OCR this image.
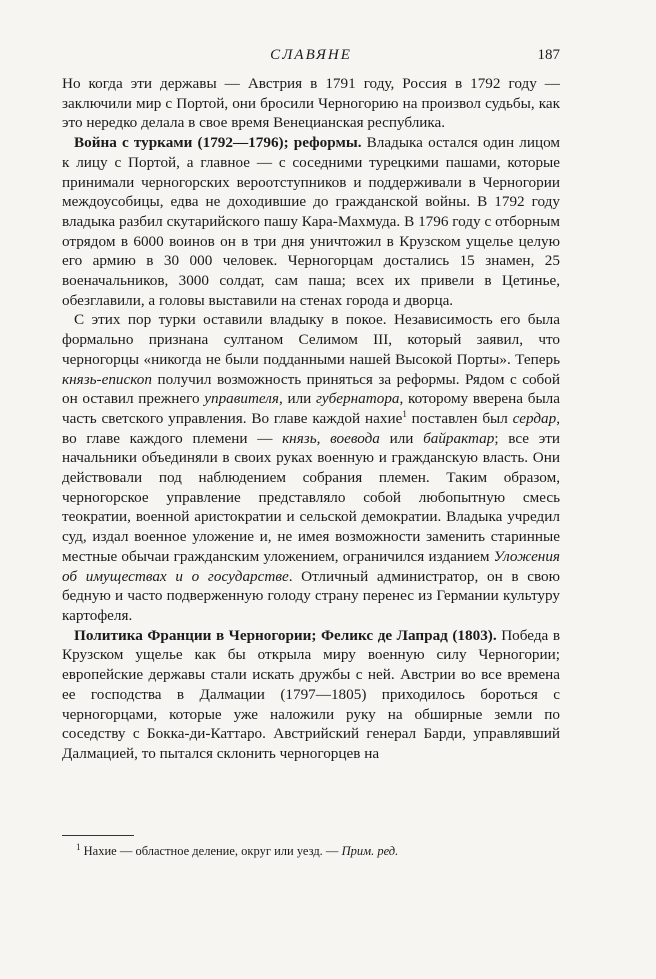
СЛАВЯНЕ	187

Но когда эти державы — Австрия в 1791 году, Россия в 1792 году — заключили мир с Портой, они бросили Черногорию на произвол судьбы, как это нередко делала в свое время Венецианская республика.

Война с турками (1792—1796); реформы. Владыка остался один лицом к лицу с Портой, а главное — с соседними турецкими пашами, которые принимали черногорских вероотступников и поддерживали в Черногории междоусобицы, едва не доходившие до гражданской войны. В 1792 году владыка разбил скутарийского пашу Кара-Махмуда. В 1796 году с отборным отрядом в 6000 воинов он в три дня уничтожил в Крузском ущелье целую его армию в 30 000 человек. Черногорцам достались 15 знамен, 25 военачальников, 3000 солдат, сам паша; всех их привели в Цетинье, обезглавили, а головы выставили на стенах города и дворца.

С этих пор турки оставили владыку в покое. Независимость его была формально признана султаном Селимом III, который заявил, что черногорцы «никогда не были подданными нашей Высокой Порты». Теперь князь-епископ получил возможность приняться за реформы. Рядом с собой он оставил прежнего управителя, или губернатора, которому вверена была часть светского управления. Во главе каждой нахие$^1$ поставлен был сердар, во главе каждого племени — князь, воевода или байрактар; все эти начальники объединяли в своих руках военную и гражданскую власть. Они действовали под наблюдением собрания племен. Таким образом, черногорское управление представляло собой любопытную смесь теократии, военной аристократии и сельской демократии. Владыка учредил суд, издал военное уложение и, не имея возможности заменить старинные местные обычаи гражданским уложением, ограничился изданием Уложения об имуществах и о государстве. Отличный администратор, он в свою бедную и часто подверженную голоду страну перенес из Германии культуру картофеля.

Политика Франции в Черногории; Феликс де Лапрад (1803). Победа в Крузском ущелье как бы открыла миру военную силу Черногории; европейские державы стали искать дружбы с ней. Австрии во все времена ее господства в Далмации (1797—1805) приходилось бороться с черногорцами, которые уже наложили руку на обширные земли по соседству с Бокка-ди-Каттаро. Австрийский генерал Барди, управлявший Далмацией, то пытался склонить черногорцев на

$^1$ Нахие — областное деление, округ или уезд. — Прим. ред.
